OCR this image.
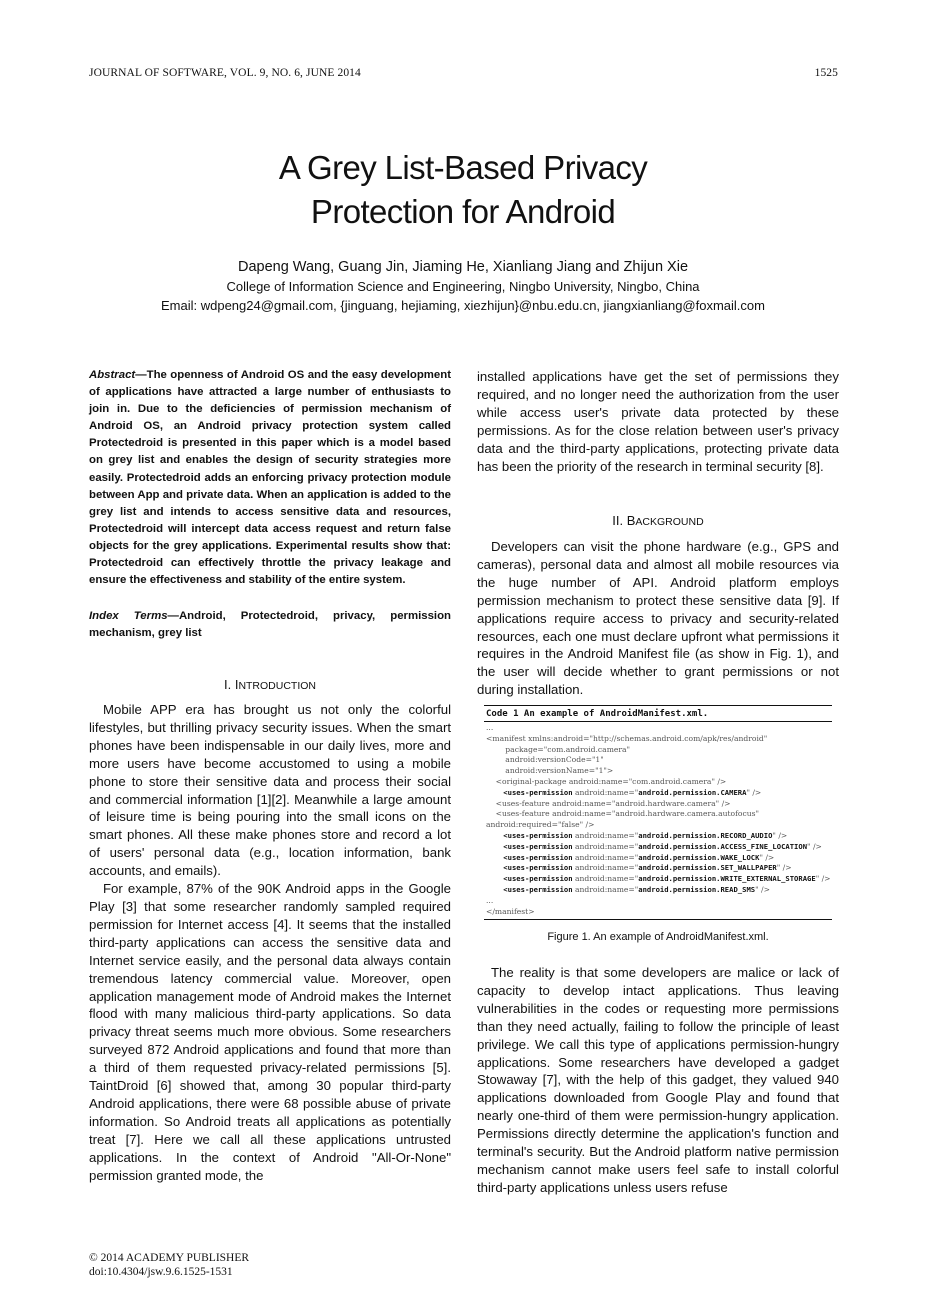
JOURNAL OF SOFTWARE, VOL. 9, NO. 6, JUNE 2014	1525
A Grey List-Based Privacy
Protection for Android
Dapeng Wang, Guang Jin, Jiaming He, Xianliang Jiang and Zhijun Xie
College of Information Science and Engineering, Ningbo University, Ningbo, China
Email: wdpeng24@gmail.com, {jinguang, hejiaming, xiezhijun}@nbu.edu.cn, jiangxianliang@foxmail.com
Abstract—The openness of Android OS and the easy development of applications have attracted a large number of enthusiasts to join in. Due to the deficiencies of permission mechanism of Android OS, an Android privacy protection system called Protectedroid is presented in this paper which is a model based on grey list and enables the design of security strategies more easily. Protectedroid adds an enforcing privacy protection module between App and private data. When an application is added to the grey list and intends to access sensitive data and resources, Protectedroid will intercept data access request and return false objects for the grey applications. Experimental results show that: Protectedroid can effectively throttle the privacy leakage and ensure the effectiveness and stability of the entire system.
Index Terms—Android, Protectedroid, privacy, permission mechanism, grey list
I. INTRODUCTION

Mobile APP era has brought us not only the colorful lifestyles, but thrilling privacy security issues. When the smart phones have been indispensable in our daily lives, more and more users have become accustomed to using a mobile phone to store their sensitive data and process their social and commercial information [1][2]. Meanwhile a large amount of leisure time is being pouring into the small icons on the smart phones. All these make phones store and record a lot of users' personal data (e.g., location information, bank accounts, and emails).

For example, 87% of the 90K Android apps in the Google Play [3] that some researcher randomly sampled required permission for Internet access [4]. It seems that the installed third-party applications can access the sensitive data and Internet service easily, and the personal data always contain tremendous latency commercial value. Moreover, open application management mode of Android makes the Internet flood with many malicious third-party applications. So data privacy threat seems much more obvious. Some researchers surveyed 872 Android applications and found that more than a third of them requested privacy-related permissions [5]. TaintDroid [6] showed that, among 30 popular third-party Android applications, there were 68 possible abuse of private information. So Android treats all applications as potentially treat [7]. Here we call all these applications untrusted applications. In the context of Android "All-Or-None" permission granted mode, the

installed applications have get the set of permissions they required, and no longer need the authorization from the user while access user's private data protected by these permissions. As for the close relation between user's privacy data and the third-party applications, protecting private data has been the priority of the research in terminal security [8].

II. BACKGROUND

Developers can visit the phone hardware (e.g., GPS and cameras), personal data and almost all mobile resources via the huge number of API. Android platform employs permission mechanism to protect these sensitive data [9]. If applications require access to privacy and security-related resources, each one must declare upfront what permissions it requires in the Android Manifest file (as show in Fig. 1), and the user will decide whether to grant permissions or not during installation.

Code 1 An example of AndroidManifest.xml.
...
<manifest xmlns:android="http://schemas.android.com/apk/res/android"
package="com.android.camera"
android:versionCode="1"
android:versionName="1">
<original-package android:name="com.android.camera" />
<uses-permission android:name="android.permission.CAMERA" />
<uses-feature android:name="android.hardware.camera" />
<uses-feature android:name="android.hardware.camera.autofocus"
android:required="false" />
<uses-permission android:name="android.permission.RECORD_AUDIO" />
<uses-permission android:name="android.permission.ACCESS_FINE_LOCATION" />
<uses-permission android:name="android.permission.WAKE_LOCK" />
<uses-permission android:name="android.permission.SET_WALLPAPER" />
<uses-permission android:name="android.permission.WRITE_EXTERNAL_STORAGE" />
<uses-permission android:name="android.permission.READ_SMS" />
...
</manifest>
Figure 1. An example of AndroidManifest.xml.

The reality is that some developers are malice or lack of capacity to develop intact applications. Thus leaving vulnerabilities in the codes or requesting more permissions than they need actually, failing to follow the principle of least privilege. We call this type of applications permission-hungry applications. Some researchers have developed a gadget Stowaway [7], with the help of this gadget, they valued 940 applications downloaded from Google Play and found that nearly one-third of them were permission-hungry application. Permissions directly determine the application's function and terminal's security. But the Android platform native permission mechanism cannot make users feel safe to install colorful third-party applications unless users refuse

© 2014 ACADEMY PUBLISHER
doi:10.4304/jsw.9.6.1525-1531
